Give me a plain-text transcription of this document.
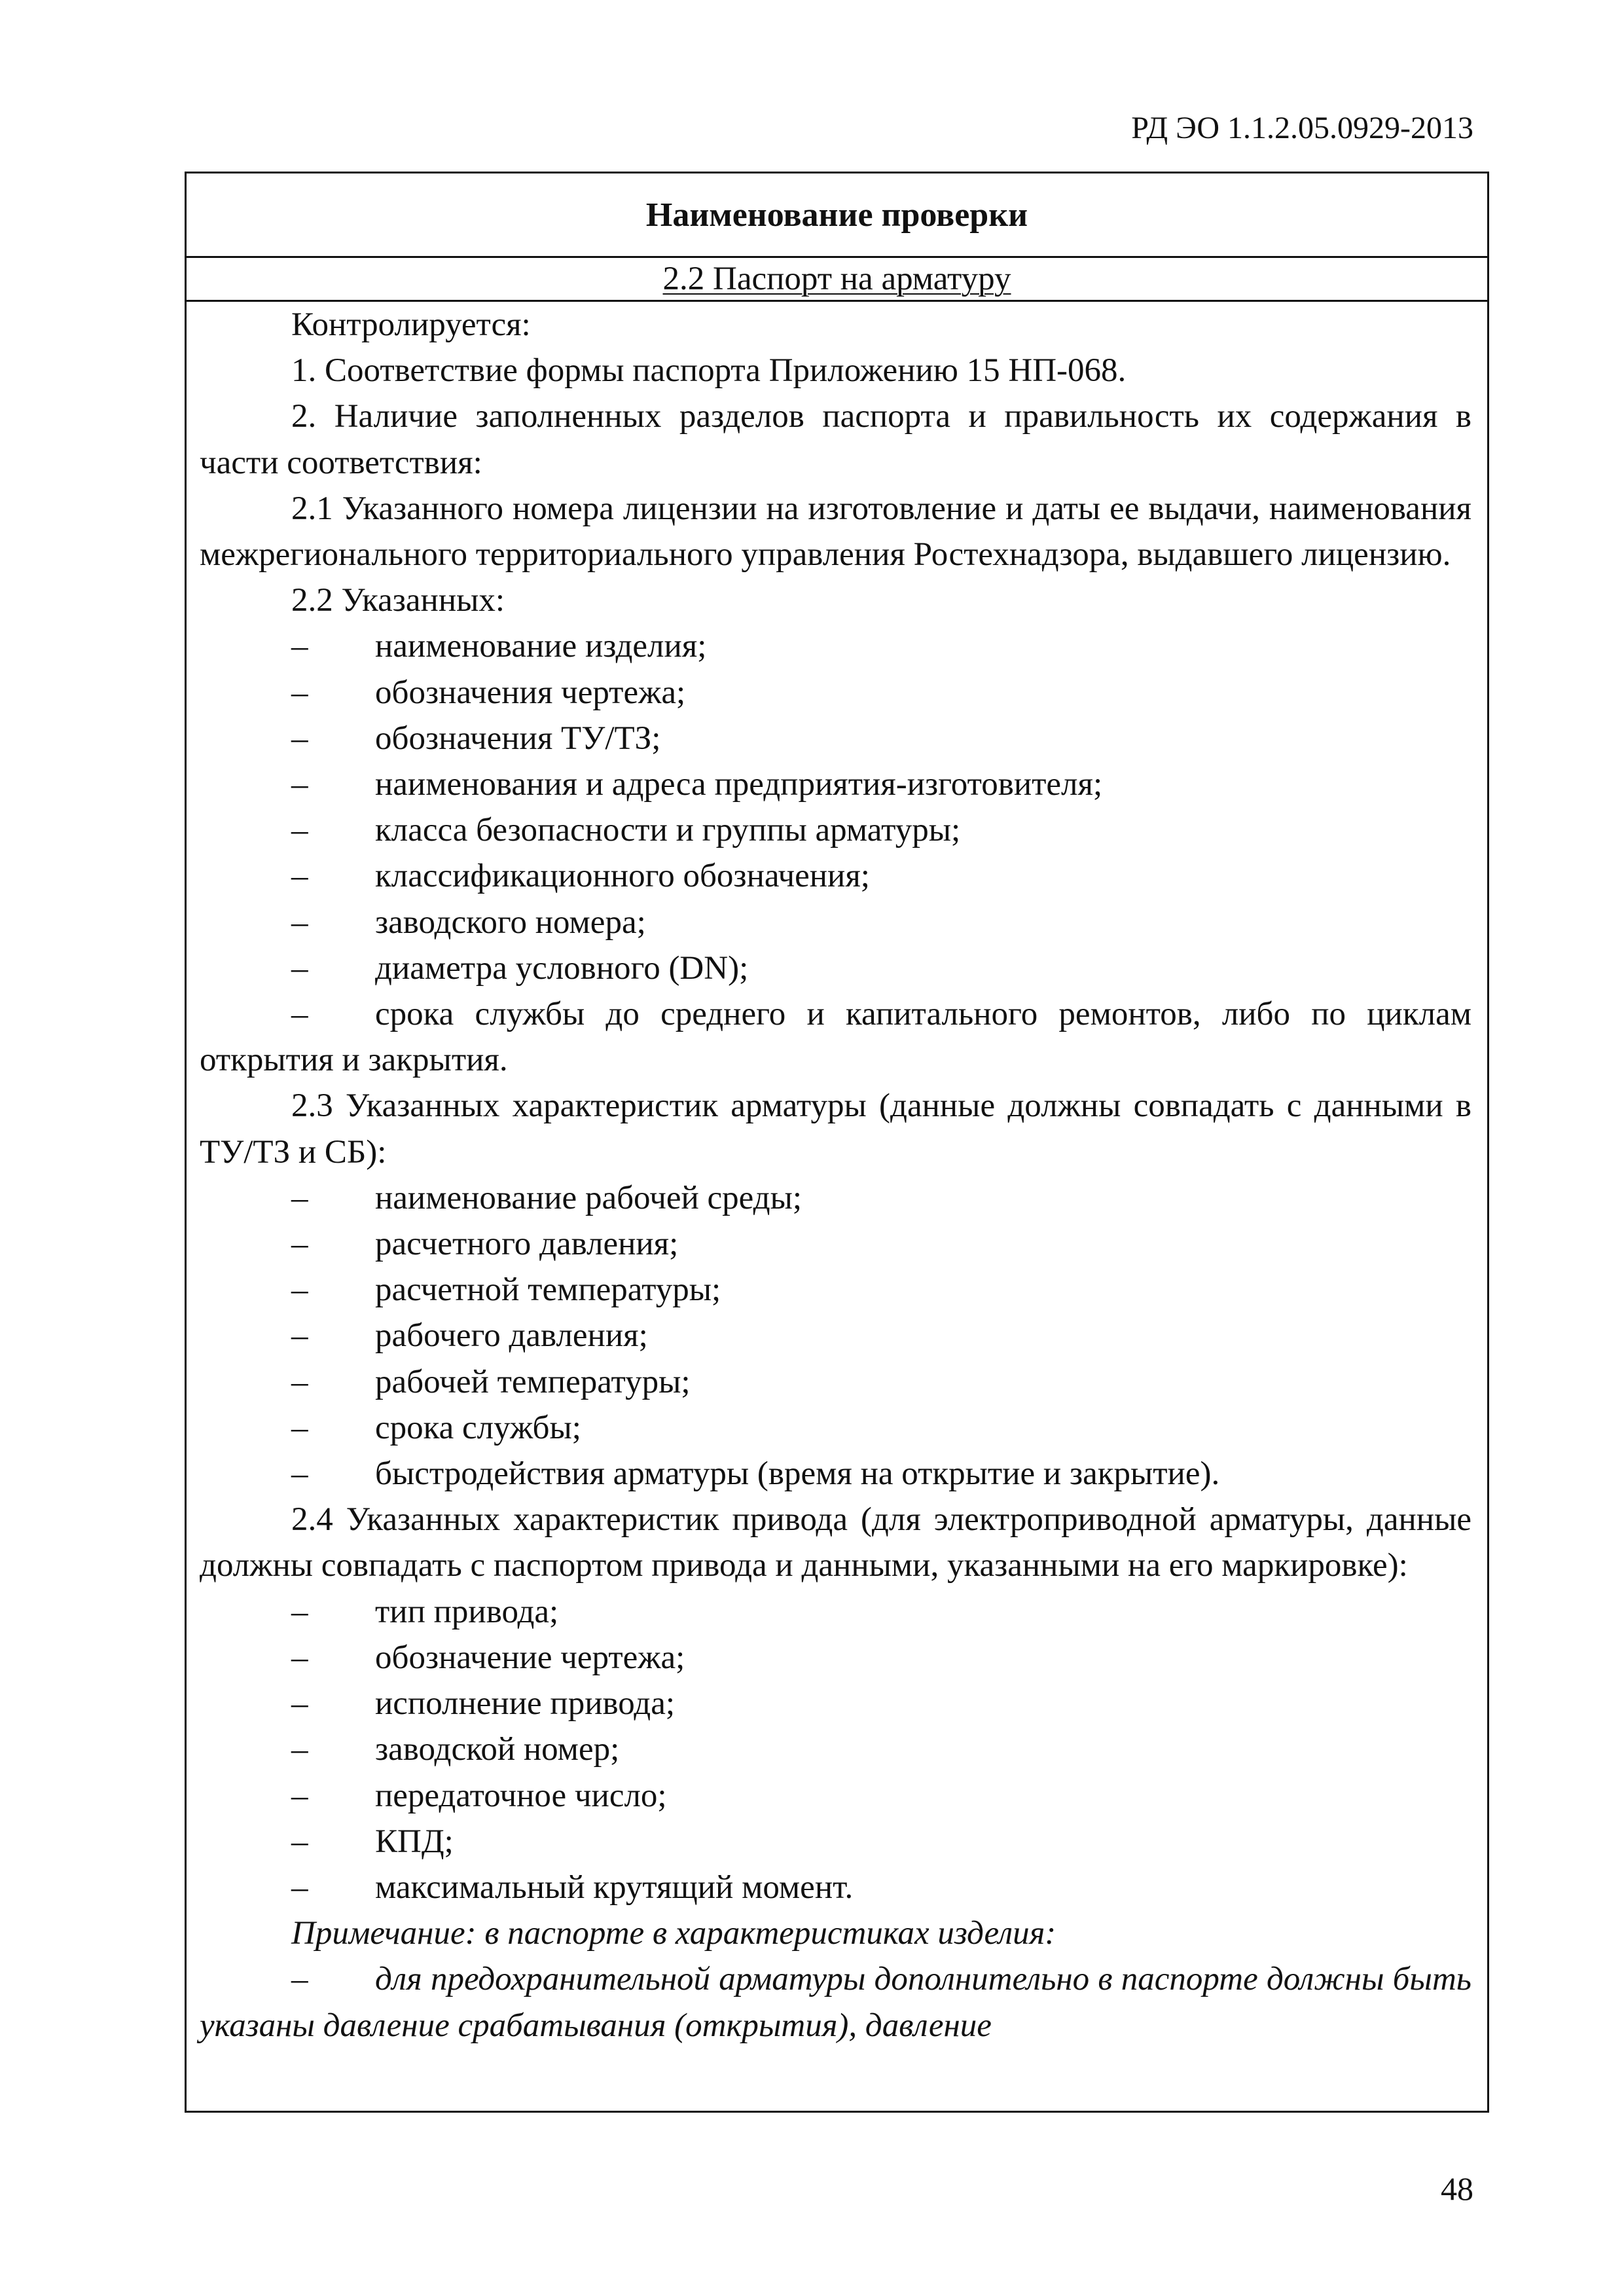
РД ЭО 1.1.2.05.0929-2013
Наименование проверки
2.2 Паспорт на арматуру

Контролируется:

1. Соответствие формы паспорта Приложению 15 НП-068.

2. Наличие заполненных разделов паспорта и правильность их содержания в части соответствия:

2.1 Указанного номера лицензии на изготовление и даты ее выдачи, наименования межрегионального территориального управления Ростехнадзора, выдавшего лицензию.

2.2 Указанных:

– наименование изделия;

– обозначения чертежа;

– обозначения ТУ/ТЗ;

– наименования и адреса предприятия-изготовителя;

– класса безопасности и группы арматуры;

– классификационного обозначения;

– заводского номера;

– диаметра условного (DN);

– срока службы до среднего и капитального ремонтов, либо по циклам открытия и закрытия.

2.3 Указанных характеристик арматуры (данные должны совпадать с данными в ТУ/ТЗ и СБ):

– наименование рабочей среды;

– расчетного давления;

– расчетной температуры;

– рабочего давления;

– рабочей температуры;

– срока службы;

– быстродействия арматуры (время на открытие и закрытие).

2.4 Указанных характеристик привода (для электроприводной арматуры, данные должны совпадать с паспортом привода и данными, указанными на его маркировке):

– тип привода;

– обозначение чертежа;

– исполнение привода;

– заводской номер;

– передаточное число;

– КПД;

– максимальный крутящий момент.

Примечание: в паспорте в характеристиках изделия:

– для предохранительной арматуры дополнительно в паспорте должны быть указаны давление срабатывания (открытия), давление

48
